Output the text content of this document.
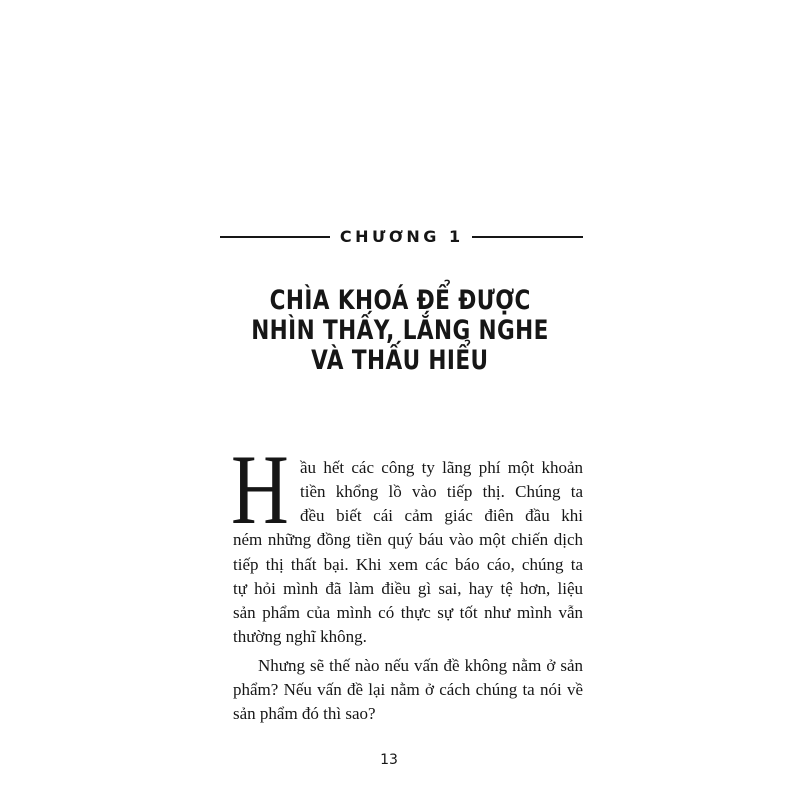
CHƯƠNG 1
CHÌA KHOÁ ĐỂ ĐƯỢC
NHÌN THẤY, LẮNG NGHE
VÀ THẤU HIỂU
H ầu hết các công ty lãng phí một khoản
tiền khổng lồ vào tiếp thị. Chúng ta
đều biết cái cảm giác điên đầu khi
ném những đồng tiền quý báu vào một chiến dịch
tiếp thị thất bại. Khi xem các báo cáo, chúng ta
tự hỏi mình đã làm điều gì sai, hay tệ hơn, liệu
sản phẩm của mình có thực sự tốt như mình vẫn
thường nghĩ không.
Nhưng sẽ thế nào nếu vấn đề không nằm ở sản
phẩm? Nếu vấn đề lại nằm ở cách chúng ta nói về
sản phẩm đó thì sao?
13
